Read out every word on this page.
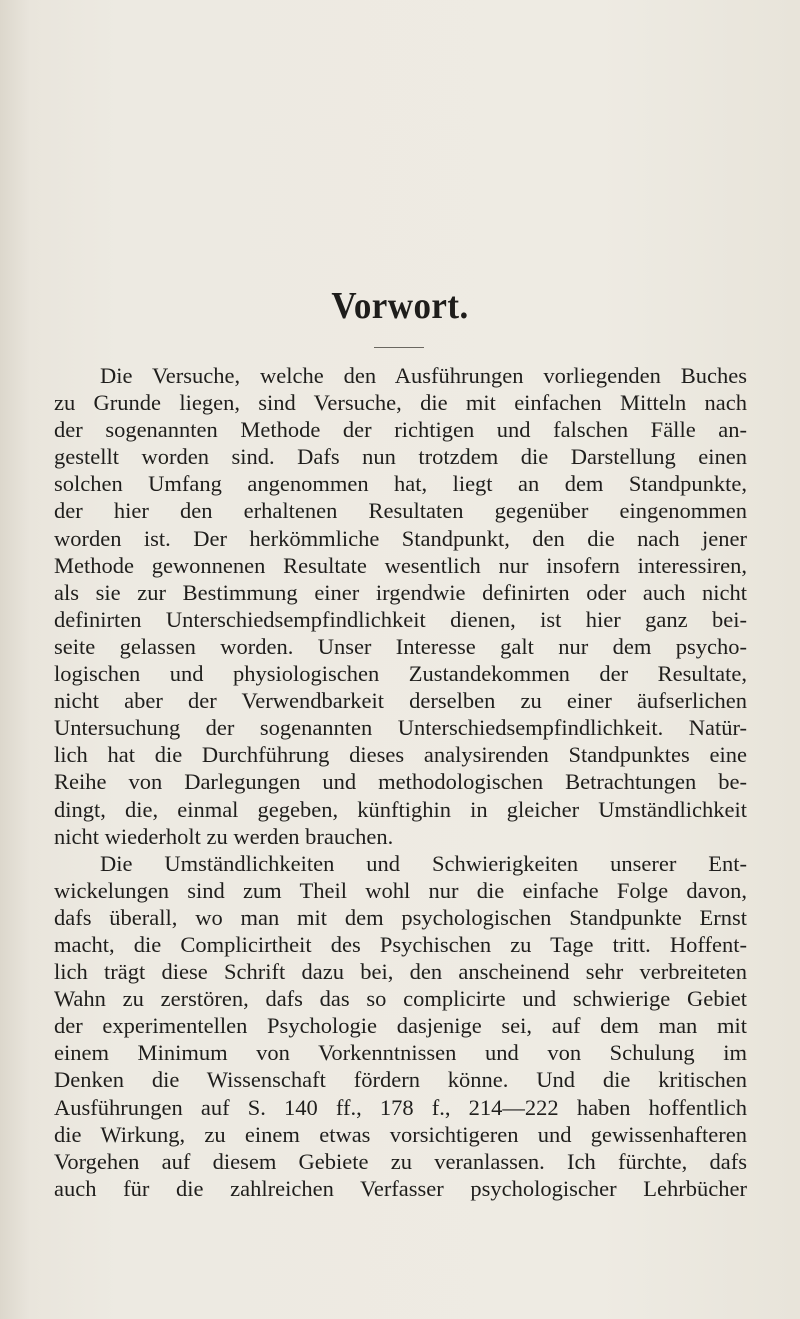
Vorwort.
Die Versuche, welche den Ausführungen vorliegenden Buches
zu Grunde liegen, sind Versuche, die mit einfachen Mitteln nach
der sogenannten Methode der richtigen und falschen Fälle an-
gestellt worden sind. Dafs nun trotzdem die Darstellung einen
solchen Umfang angenommen hat, liegt an dem Standpunkte,
der hier den erhaltenen Resultaten gegenüber eingenommen
worden ist. Der herkömmliche Standpunkt, den die nach jener
Methode gewonnenen Resultate wesentlich nur insofern interessiren,
als sie zur Bestimmung einer irgendwie definirten oder auch nicht
definirten Unterschiedsempfindlichkeit dienen, ist hier ganz bei-
seite gelassen worden. Unser Interesse galt nur dem psycho-
logischen und physiologischen Zustandekommen der Resultate,
nicht aber der Verwendbarkeit derselben zu einer äufserlichen
Untersuchung der sogenannten Unterschiedsempfindlichkeit. Natür-
lich hat die Durchführung dieses analysirenden Standpunktes eine
Reihe von Darlegungen und methodologischen Betrachtungen be-
dingt, die, einmal gegeben, künftighin in gleicher Umständlichkeit
nicht wiederholt zu werden brauchen.
Die Umständlichkeiten und Schwierigkeiten unserer Ent-
wickelungen sind zum Theil wohl nur die einfache Folge davon,
dafs überall, wo man mit dem psychologischen Standpunkte Ernst
macht, die Complicirtheit des Psychischen zu Tage tritt. Hoffent-
lich trägt diese Schrift dazu bei, den anscheinend sehr verbreiteten
Wahn zu zerstören, dafs das so complicirte und schwierige Gebiet
der experimentellen Psychologie dasjenige sei, auf dem man mit
einem Minimum von Vorkenntnissen und von Schulung im
Denken die Wissenschaft fördern könne. Und die kritischen
Ausführungen auf S. 140 ff., 178 f., 214—222 haben hoffentlich
die Wirkung, zu einem etwas vorsichtigeren und gewissenhafteren
Vorgehen auf diesem Gebiete zu veranlassen. Ich fürchte, dafs
auch für die zahlreichen Verfasser psychologischer Lehrbücher
